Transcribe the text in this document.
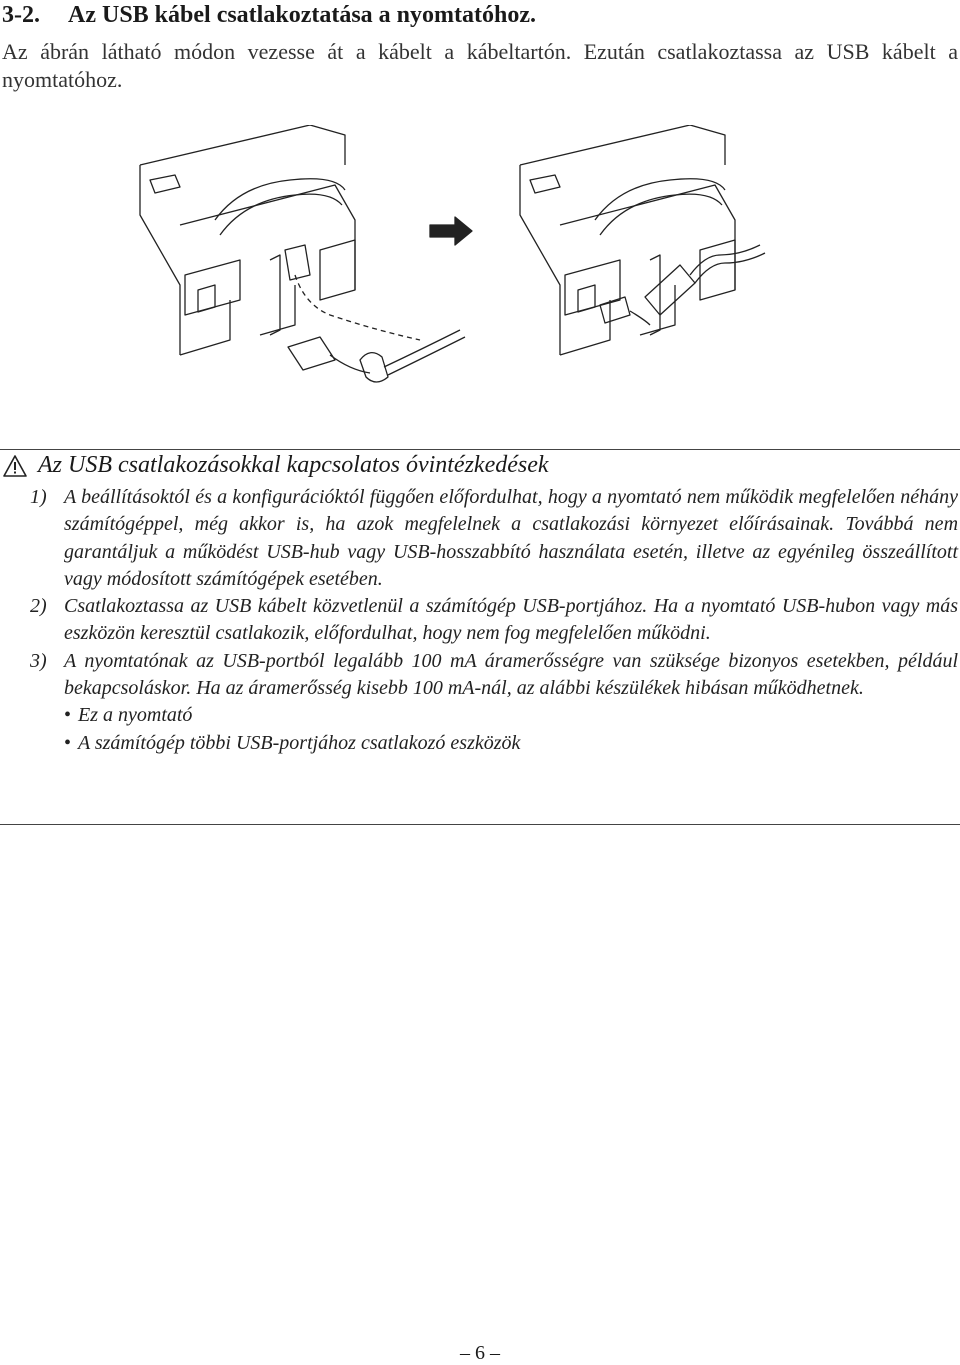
3-2. Az USB kábel csatlakoztatása a nyomtatóhoz.
Az ábrán látható módon vezesse át a kábelt a kábeltartón. Ezután csatlakoztassa az USB kábelt a nyomtatóhoz.
Az USB csatlakozásokkal kapcsolatos óvintézkedések
1) A beállításoktól és a konfigurációktól függően előfordulhat, hogy a nyomtató nem működik megfelelően néhány számítógéppel, még akkor is, ha azok megfelelnek a csatlakozási környezet előírásainak. Továbbá nem garantáljuk a működést USB-hub vagy USB-hosszabbító használata esetén, illetve az egyénileg összeállított vagy módosított számítógépek esetében.
2) Csatlakoztassa az USB kábelt közvetlenül a számítógép USB-portjához. Ha a nyomtató USB-hubon vagy más eszközön keresztül csatlakozik, előfordulhat, hogy nem fog megfelelően működni.
3) A nyomtatónak az USB-portból legalább 100 mA áramerősségre van szüksége bizonyos esetekben, például bekapcsoláskor. Ha az áramerősség kisebb 100 mA-nál, az alábbi készülékek hibásan működhetnek.
• Ez a nyomtató
• A számítógép többi USB-portjához csatlakozó eszközök
– 6 –
